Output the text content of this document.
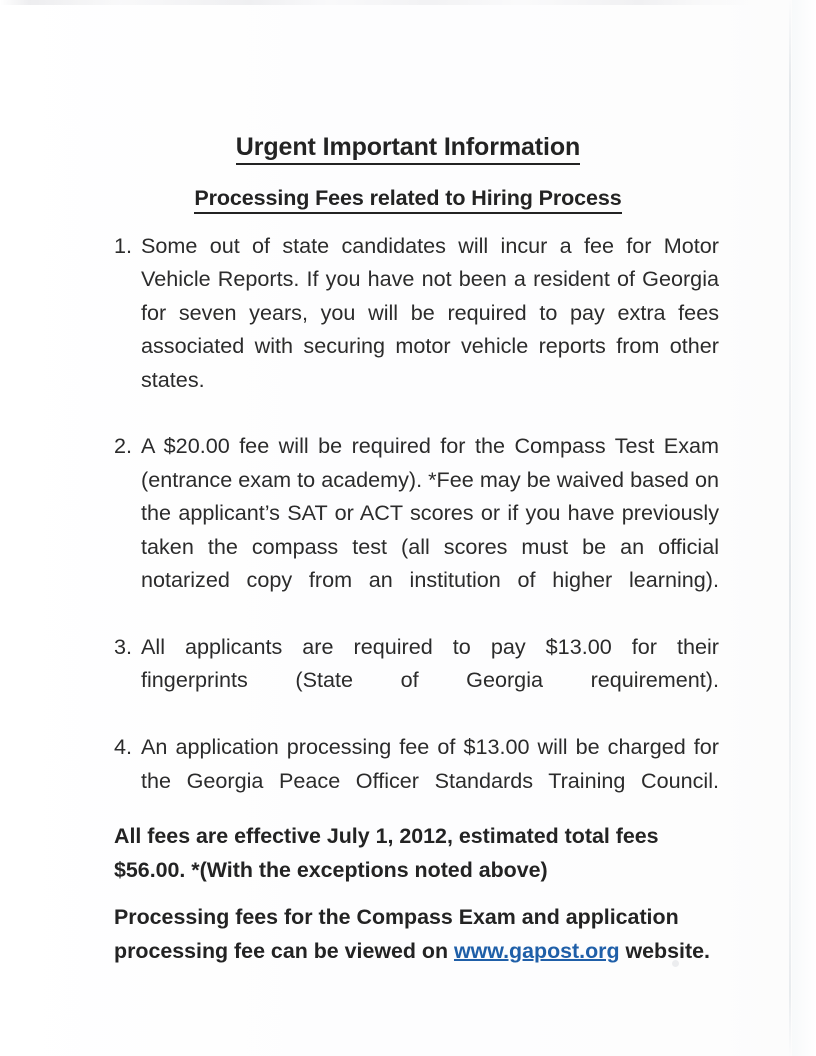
Urgent Important Information
Processing Fees related to Hiring Process
1. Some out of state candidates will incur a fee for Motor Vehicle Reports. If you have not been a resident of Georgia for seven years, you will be required to pay extra fees associated with securing motor vehicle reports from other states.
2. A $20.00 fee will be required for the Compass Test Exam (entrance exam to academy). *Fee may be waived based on the applicant’s SAT or ACT scores or if you have previously taken the compass test (all scores must be an official notarized copy from an institution of higher learning).
3. All applicants are required to pay $13.00 for their fingerprints (State of Georgia requirement).
4. An application processing fee of $13.00 will be charged for the Georgia Peace Officer Standards Training Council.

All fees are effective July 1, 2012, estimated total fees $56.00. *(With the exceptions noted above)

Processing fees for the Compass Exam and application processing fee can be viewed on www.gapost.org website.
